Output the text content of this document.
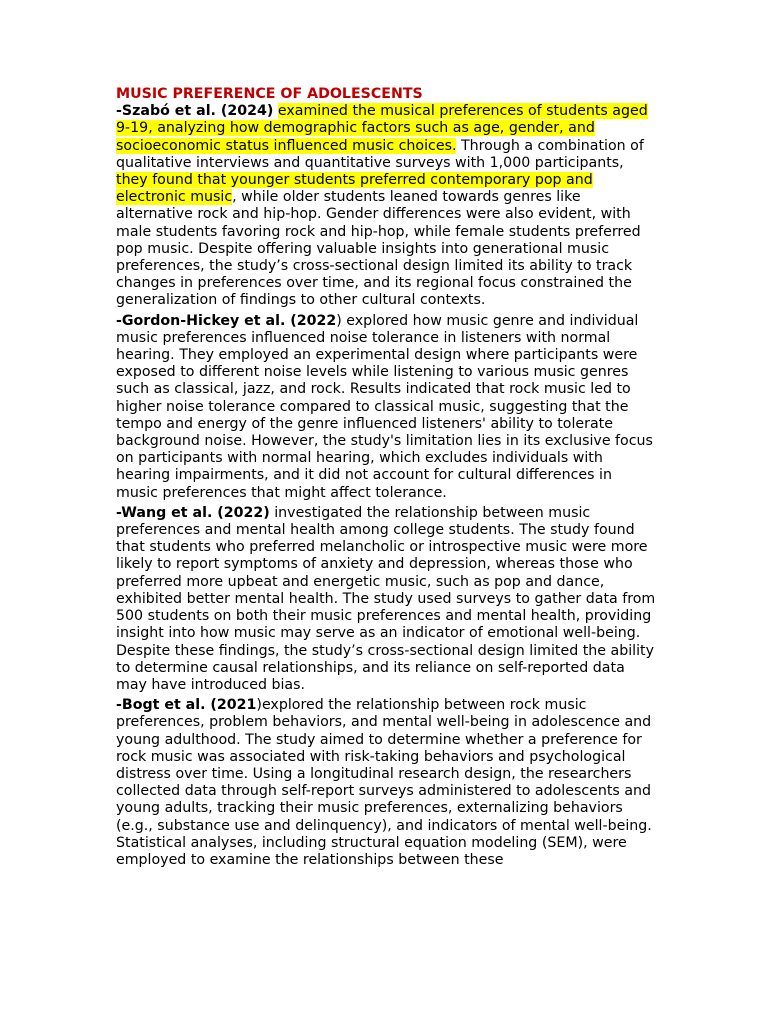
MUSIC PREFERENCE OF ADOLESCENTS

-Szabó et al. (2024) examined the musical preferences of students aged 9-19, analyzing how demographic factors such as age, gender, and socioeconomic status influenced music choices. Through a combination of qualitative interviews and quantitative surveys with 1,000 participants, they found that younger students preferred contemporary pop and electronic music, while older students leaned towards genres like alternative rock and hip-hop. Gender differences were also evident, with male students favoring rock and hip-hop, while female students preferred pop music. Despite offering valuable insights into generational music preferences, the study’s cross-sectional design limited its ability to track changes in preferences over time, and its regional focus constrained the generalization of findings to other cultural contexts.

-Gordon-Hickey et al. (2022) explored how music genre and individual music preferences influenced noise tolerance in listeners with normal hearing. They employed an experimental design where participants were exposed to different noise levels while listening to various music genres such as classical, jazz, and rock. Results indicated that rock music led to higher noise tolerance compared to classical music, suggesting that the tempo and energy of the genre influenced listeners' ability to tolerate background noise. However, the study's limitation lies in its exclusive focus on participants with normal hearing, which excludes individuals with hearing impairments, and it did not account for cultural differences in music preferences that might affect tolerance.

-Wang et al. (2022) investigated the relationship between music preferences and mental health among college students. The study found that students who preferred melancholic or introspective music were more likely to report symptoms of anxiety and depression, whereas those who preferred more upbeat and energetic music, such as pop and dance, exhibited better mental health. The study used surveys to gather data from 500 students on both their music preferences and mental health, providing insight into how music may serve as an indicator of emotional well-being. Despite these findings, the study’s cross-sectional design limited the ability to determine causal relationships, and its reliance on self-reported data may have introduced bias.

-Bogt et al. (2021)explored the relationship between rock music preferences, problem behaviors, and mental well-being in adolescence and young adulthood. The study aimed to determine whether a preference for rock music was associated with risk-taking behaviors and psychological distress over time. Using a longitudinal research design, the researchers collected data through self-report surveys administered to adolescents and young adults, tracking their music preferences, externalizing behaviors (e.g., substance use and delinquency), and indicators of mental well-being. Statistical analyses, including structural equation modeling (SEM), were employed to examine the relationships between these
